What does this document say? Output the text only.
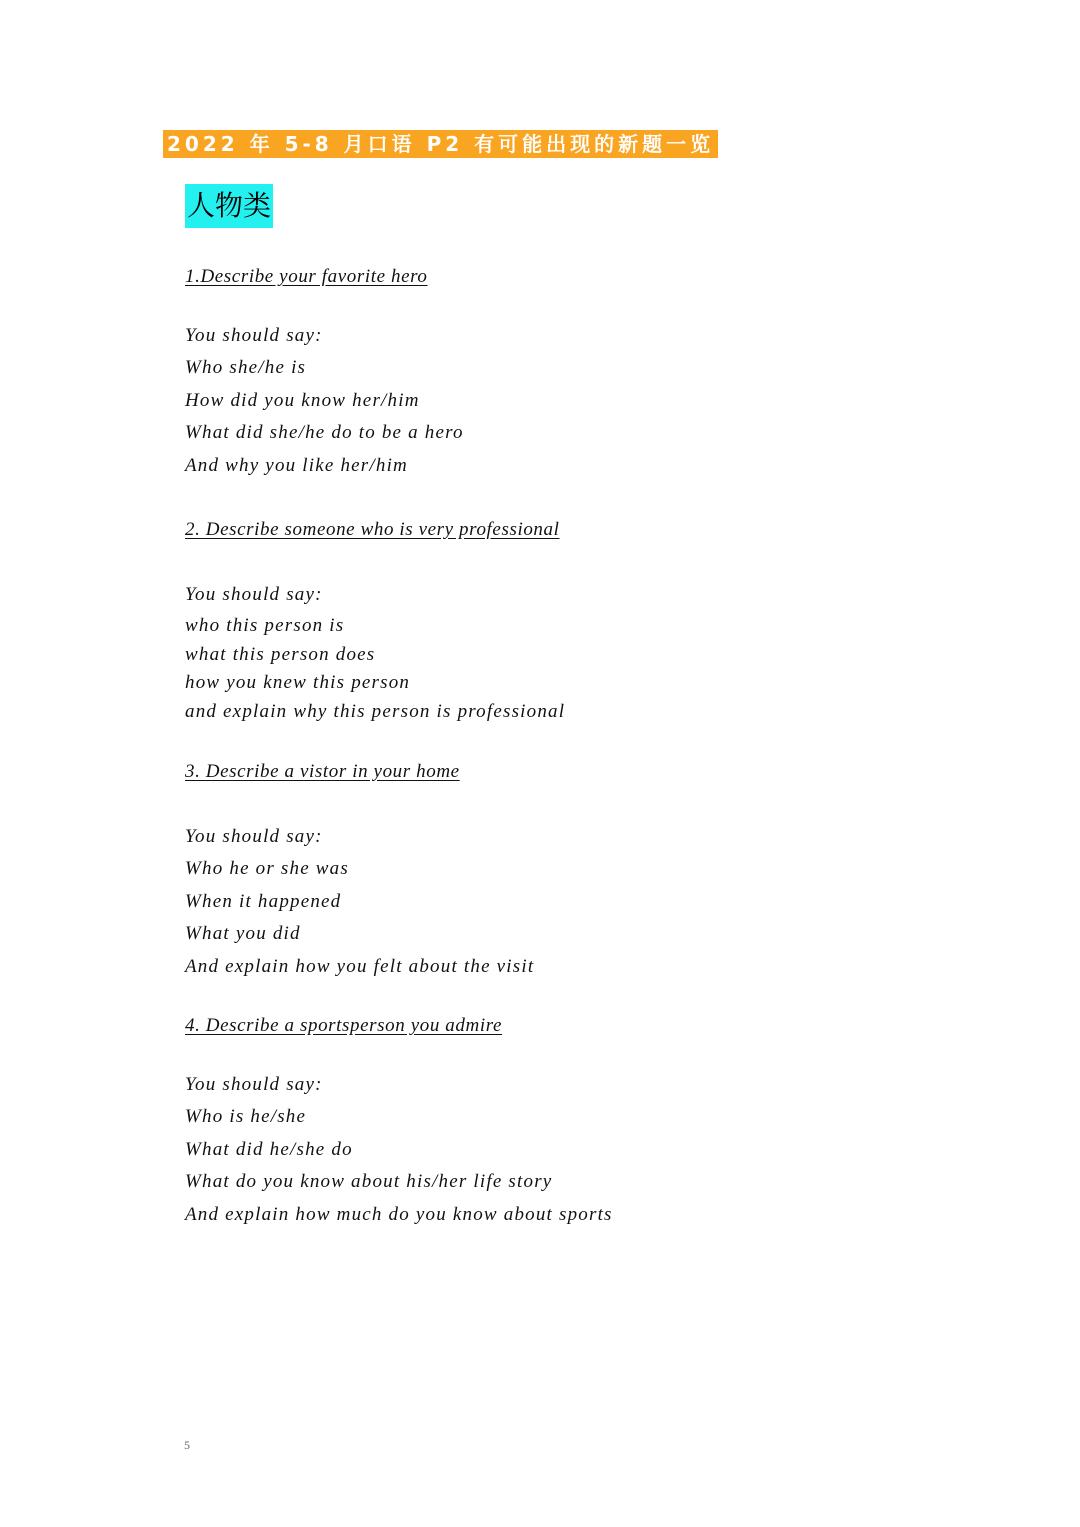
2022 年 5-8 月口语 P2 有可能出现的新题一览
人物类
1.Describe your favorite hero
You should say:
Who she/he is
How did you know her/him
What did she/he do to be a hero
And why you like her/him
2. Describe someone who is very professional
You should say:
who this person is
what this person does
how you knew this person
and explain why this person is professional
3. Describe a vistor in your home
You should say:
Who he or she was
When it happened
What you did
And explain how you felt about the visit
4. Describe a sportsperson you admire
You should say:
Who is he/she
What did he/she do
What do you know about his/her life story
And explain how much do you know about sports
5
